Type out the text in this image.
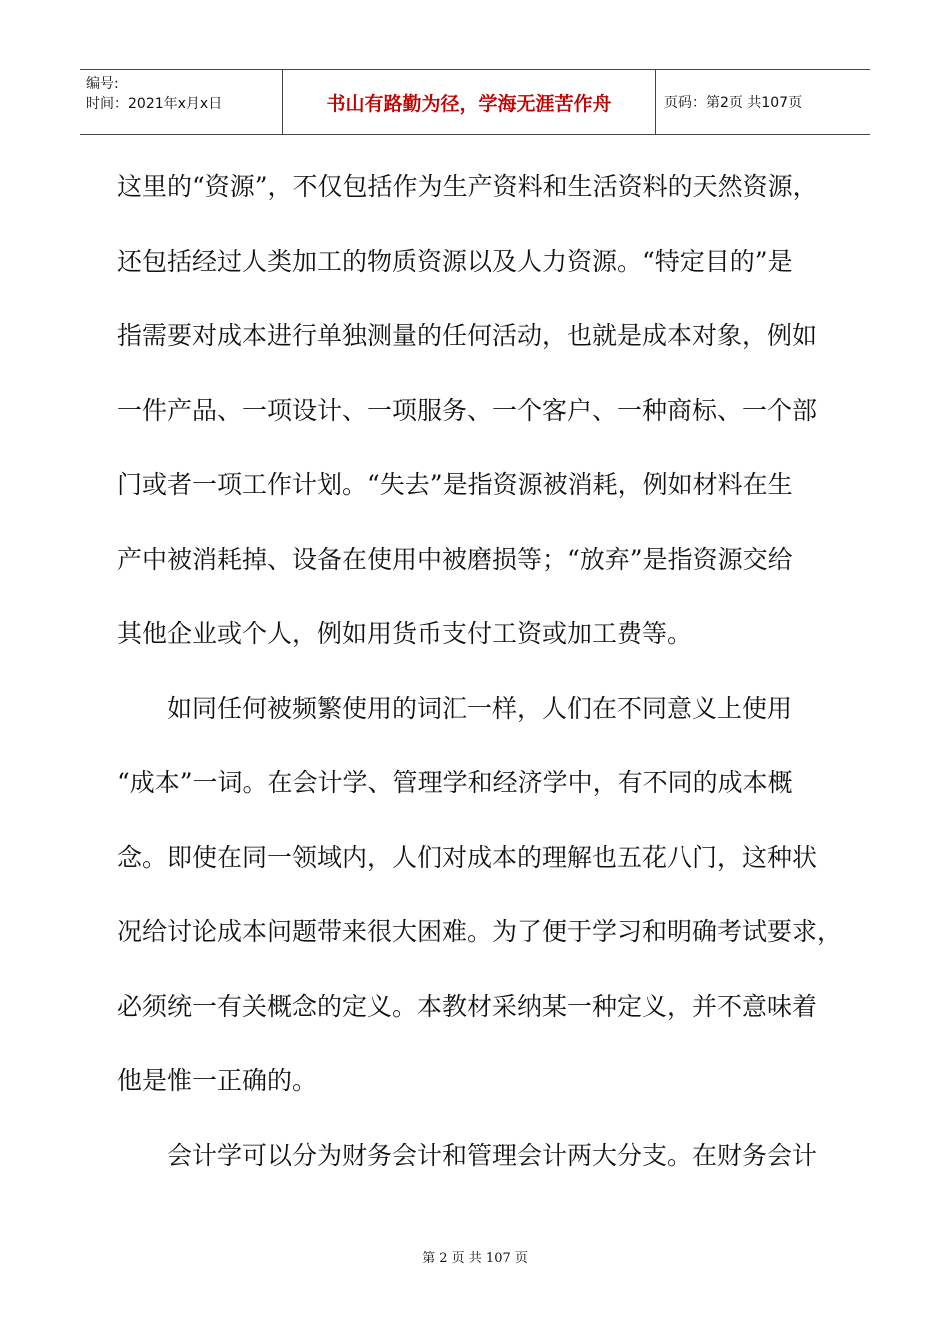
编号:
时间：2021年x月x日	书山有路勤为径，学海无涯苦作舟	页码：第2页 共107页
这里的“资源”，不仅包括作为生产资料和生活资料的天然资源，
还包括经过人类加工的物质资源以及人力资源。“特定目的”是
指需要对成本进行单独测量的任何活动，也就是成本对象，例如
一件产品、一项设计、一项服务、一个客户、一种商标、一个部
门或者一项工作计划。“失去”是指资源被消耗，例如材料在生
产中被消耗掉、设备在使用中被磨损等；“放弃”是指资源交给
其他企业或个人，例如用货币支付工资或加工费等。
如同任何被频繁使用的词汇一样，人们在不同意义上使用
“成本”一词。在会计学、管理学和经济学中，有不同的成本概
念。即使在同一领域内，人们对成本的理解也五花八门，这种状
况给讨论成本问题带来很大困难。为了便于学习和明确考试要求，
必须统一有关概念的定义。本教材采纳某一种定义，并不意味着
他是惟一正确的。
会计学可以分为财务会计和管理会计两大分支。在财务会计
第 2 页 共 107 页
